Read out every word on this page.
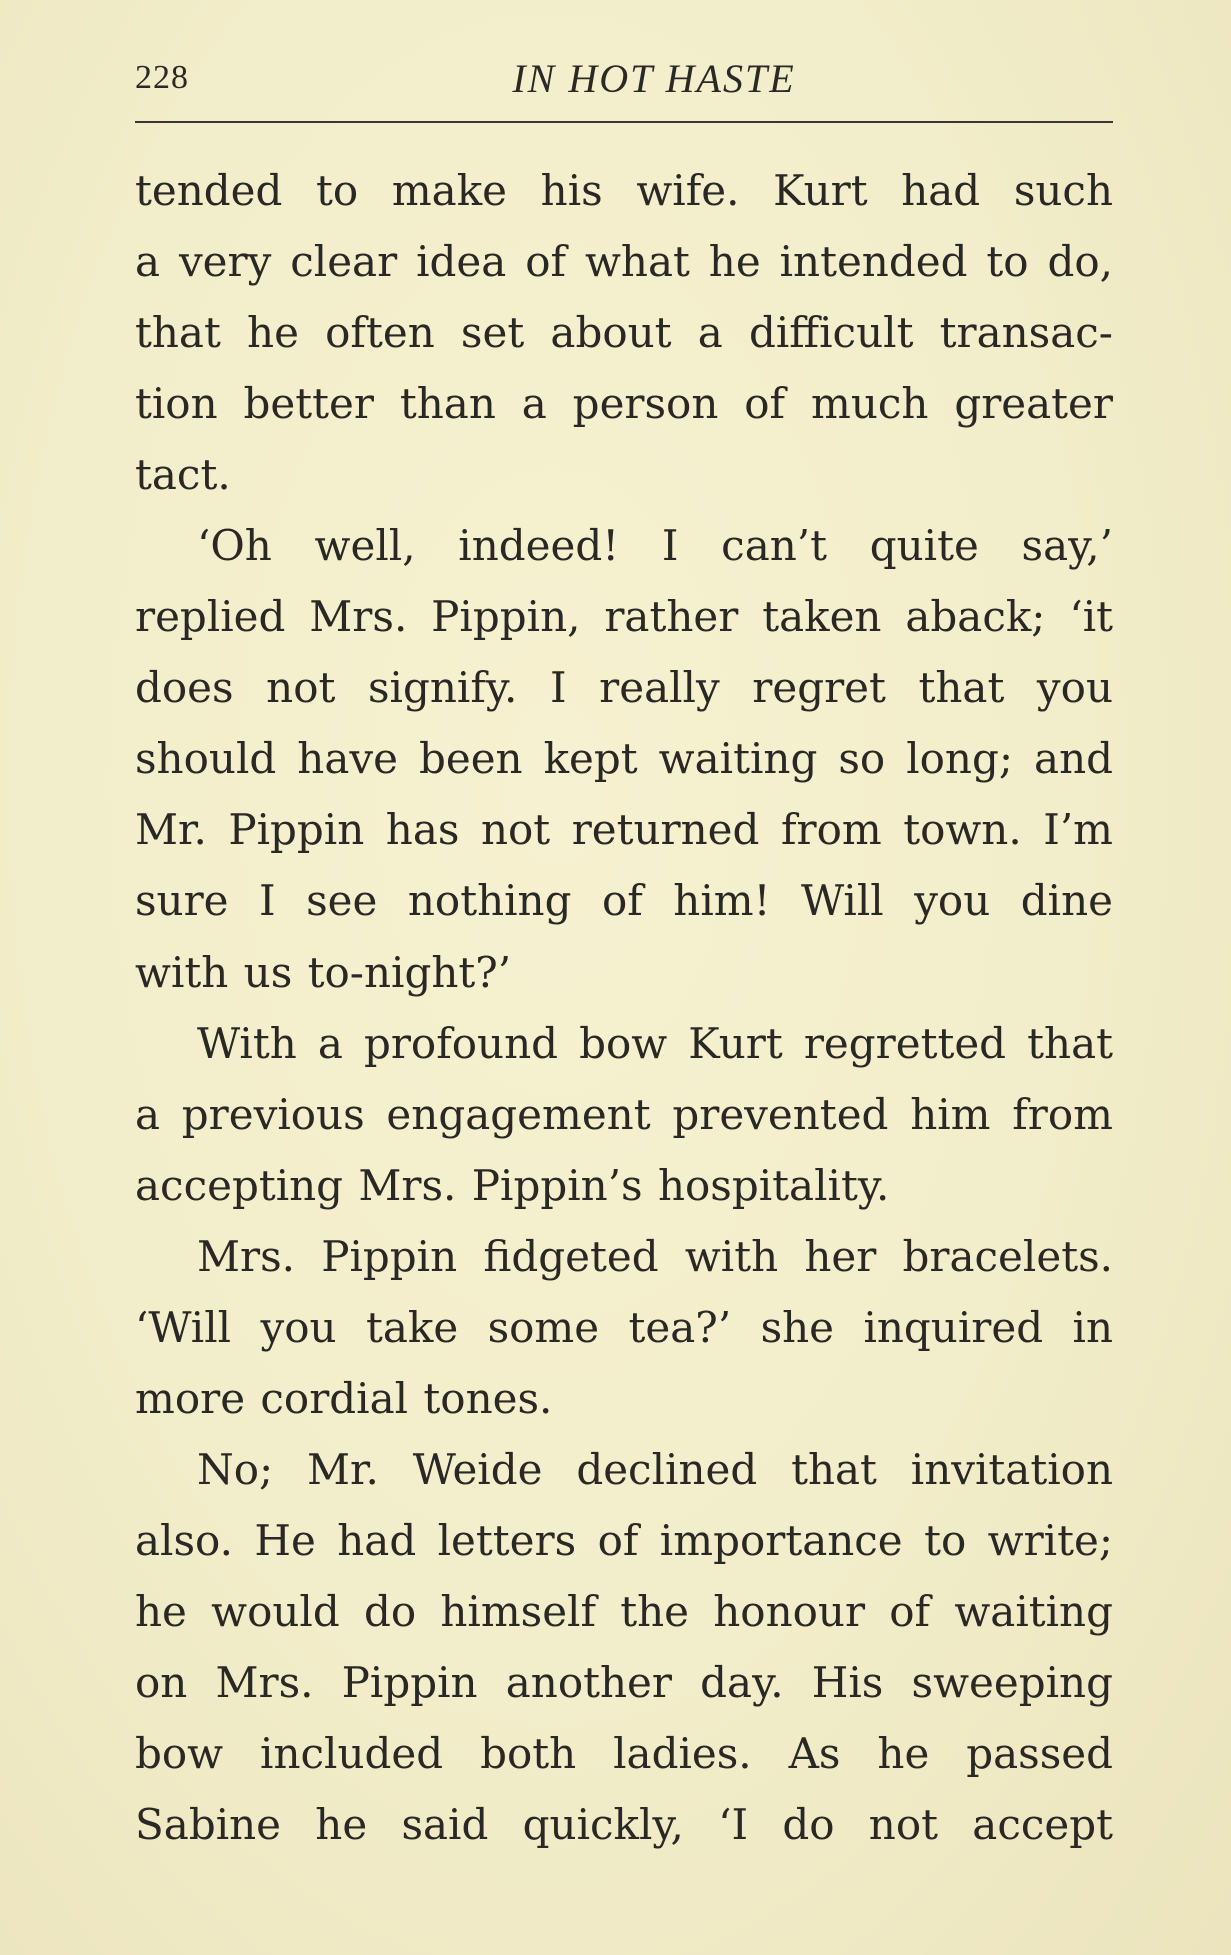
228	IN HOT HASTE
tended to make his wife. Kurt had such
a very clear idea of what he intended to do,
that he often set about a difficult transac-
tion better than a person of much greater
tact.
‘Oh well, indeed! I can’t quite say,’
replied Mrs. Pippin, rather taken aback; ‘it
does not signify. I really regret that you
should have been kept waiting so long; and
Mr. Pippin has not returned from town. I’m
sure I see nothing of him! Will you dine
with us to-night?’
With a profound bow Kurt regretted that
a previous engagement prevented him from
accepting Mrs. Pippin’s hospitality.
Mrs. Pippin fidgeted with her bracelets.
‘Will you take some tea?’ she inquired in
more cordial tones.
No; Mr. Weide declined that invitation
also. He had letters of importance to write;
he would do himself the honour of waiting
on Mrs. Pippin another day. His sweeping
bow included both ladies. As he passed
Sabine he said quickly, ‘I do not accept
